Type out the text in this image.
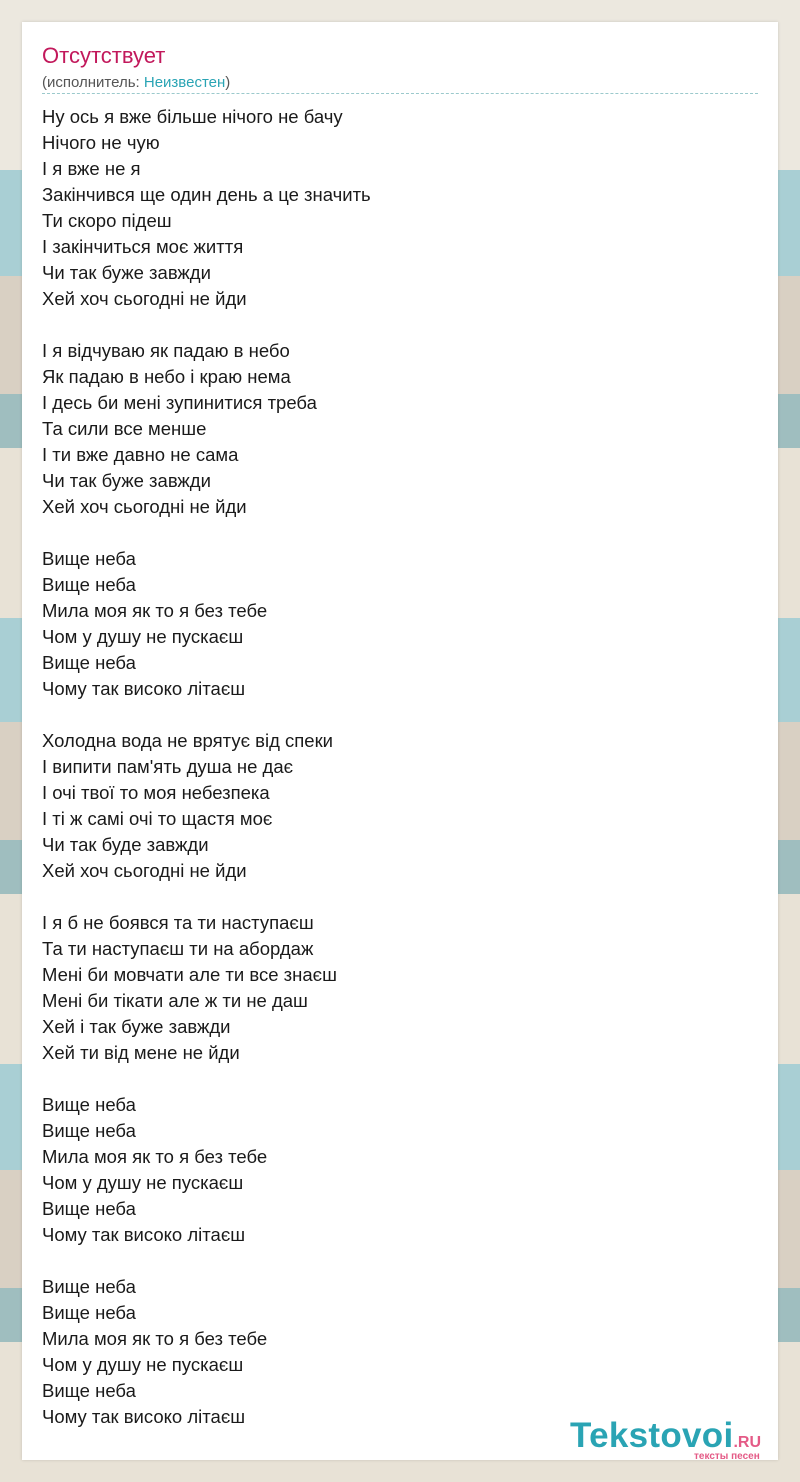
Отсутствует
(исполнитель: Неизвестен)
Ну ось я вже більше нічого не бачу
Нічого не чую
І я вже не я
Закінчився ще один день а це значить
Ти скоро підеш
І закінчиться моє життя
Чи так буже завжди
Хей хоч сьогодні не йди
І я відчуваю як падаю в небо
Як падаю в небо і краю нема
І десь би мені зупинитися треба
Та сили все менше
І ти вже давно не сама
Чи так буже завжди
Хей хоч сьогодні не йди
Вище неба
Вище неба
Мила моя як то я без тебе
Чом у душу не пускаєш
Вище неба
Чому так високо літаєш
Холодна вода не врятує від спеки
І випити пам'ять душа не дає
І очі твої то моя небезпека
І ті ж самі очі то щастя моє
Чи так буде завжди
Хей хоч сьогодні не йди
І я б не боявся та ти наступаєш
Та ти наступаєш ти на абордаж
Мені би мовчати але ти все знаєш
Мені би тікати але ж ти не даш
Хей і так буже завжди
Хей ти від мене не йди
Вище неба
Вище неба
Мила моя як то я без тебе
Чом у душу не пускаєш
Вище неба
Чому так високо літаєш
Вище неба
Вище неба
Мила моя як то я без тебе
Чом у душу не пускаєш
Вище неба
Чому так високо літаєш	Tekstovoi.RU
тексты песен
